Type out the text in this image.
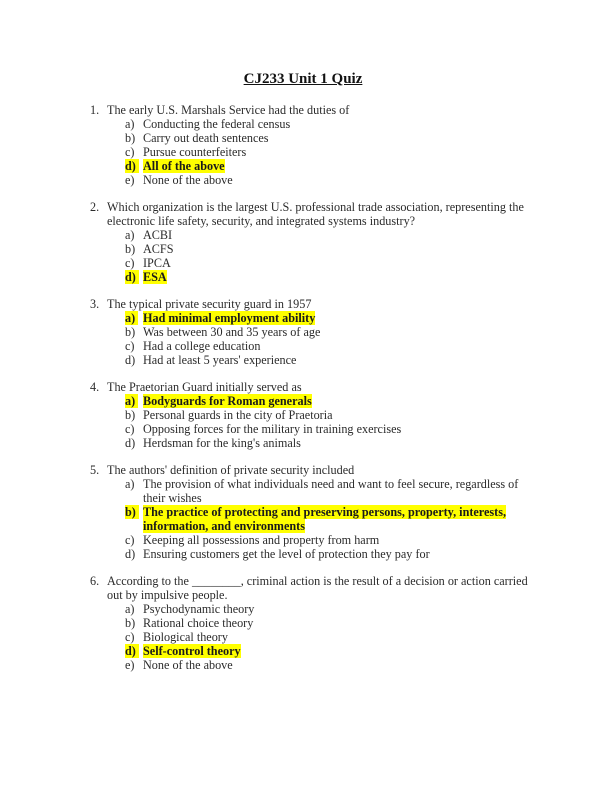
CJ233 Unit 1 Quiz
1. The early U.S. Marshals Service had the duties of
a) Conducting the federal census
b) Carry out death sentences
c) Pursue counterfeiters
d) All of the above
e) None of the above
2. Which organization is the largest U.S. professional trade association, representing the electronic life safety, security, and integrated systems industry?
a) ACBI
b) ACFS
c) IPCA
d) ESA
3. The typical private security guard in 1957
a) Had minimal employment ability
b) Was between 30 and 35 years of age
c) Had a college education
d) Had at least 5 years' experience
4. The Praetorian Guard initially served as
a) Bodyguards for Roman generals
b) Personal guards in the city of Praetoria
c) Opposing forces for the military in training exercises
d) Herdsman for the king's animals
5. The authors' definition of private security included
a) The provision of what individuals need and want to feel secure, regardless of their wishes
b) The practice of protecting and preserving persons, property, interests, information, and environments
c) Keeping all possessions and property from harm
d) Ensuring customers get the level of protection they pay for
6. According to the ________, criminal action is the result of a decision or action carried out by impulsive people.
a) Psychodynamic theory
b) Rational choice theory
c) Biological theory
d) Self-control theory
e) None of the above
